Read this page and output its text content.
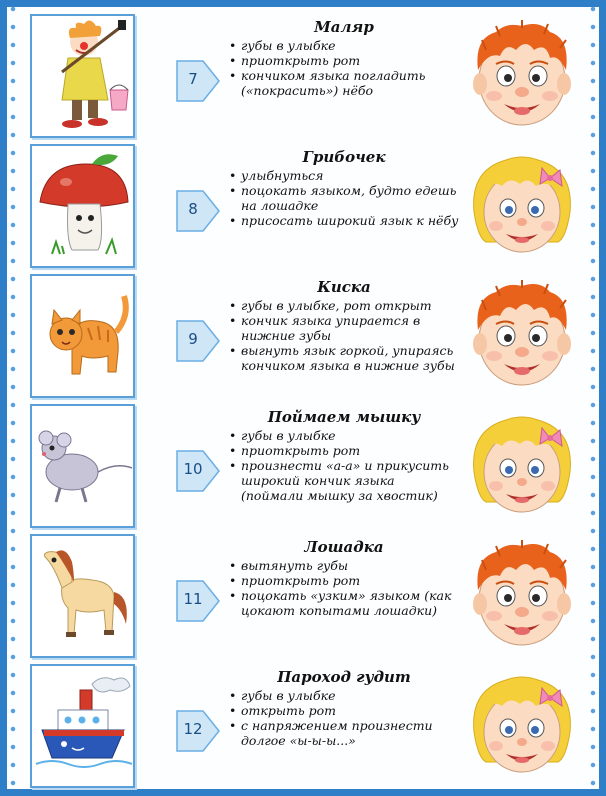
7
Маляр
• губы в улыбке
• приоткрыть рот
• кончиком языка погладить («покрасить») нёбо
8
Грибочек
• улыбнуться
• поцокать языком, будто едешь на лошадке
• присосать широкий язык к нёбу
9
Киска
• губы в улыбке, рот открыт
• кончик языка упирается в нижние зубы
• выгнуть язык горкой, упираясь кончиком языка в нижние зубы
10
Поймаем мышку
• губы в улыбке
• приоткрыть рот
• произнести «а-а» и прикусить широкий кончик языка (поймали мышку за хвостик)
11
Лошадка
• вытянуть губы
• приоткрыть рот
• поцокать «узким» языком (как цокают копытами лошадки)
12
Пароход гудит
• губы в улыбке
• открыть рот
• с напряжением произнести долгое «ы-ы-ы...»
